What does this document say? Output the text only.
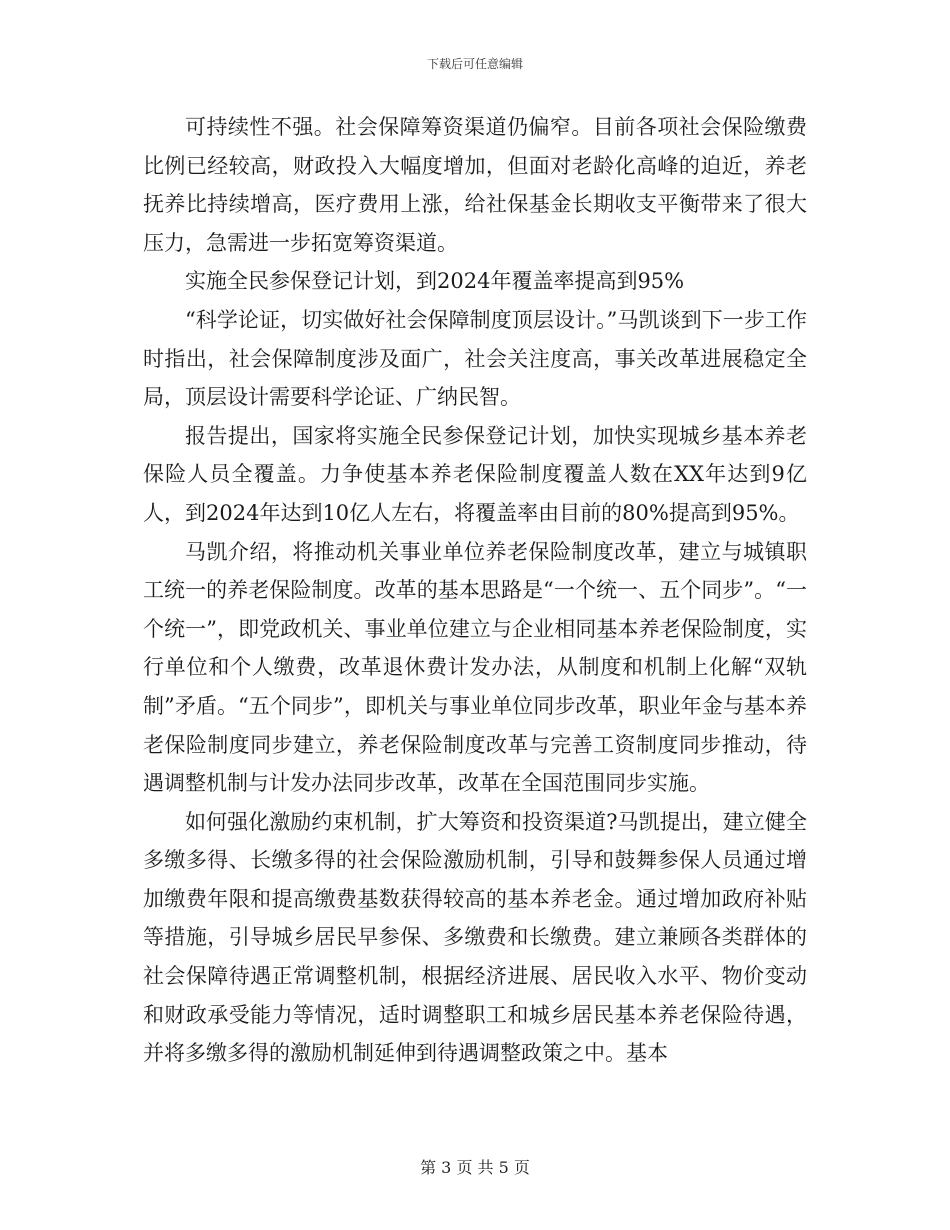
下载后可任意编辑

可持续性不强。社会保障筹资渠道仍偏窄。目前各项社会保险缴费比例已经较高，财政投入大幅度增加，但面对老龄化高峰的迫近，养老抚养比持续增高，医疗费用上涨，给社保基金长期收支平衡带来了很大压力，急需进一步拓宽筹资渠道。

实施全民参保登记计划，到2024年覆盖率提高到95%

“科学论证，切实做好社会保障制度顶层设计。”马凯谈到下一步工作时指出，社会保障制度涉及面广，社会关注度高，事关改革进展稳定全局，顶层设计需要科学论证、广纳民智。

报告提出，国家将实施全民参保登记计划，加快实现城乡基本养老保险人员全覆盖。力争使基本养老保险制度覆盖人数在XX年达到9亿人，到2024年达到10亿人左右，将覆盖率由目前的80%提高到95%。

马凯介绍，将推动机关事业单位养老保险制度改革，建立与城镇职工统一的养老保险制度。改革的基本思路是“一个统一、五个同步”。“一个统一”，即党政机关、事业单位建立与企业相同基本养老保险制度，实行单位和个人缴费，改革退休费计发办法，从制度和机制上化解“双轨制”矛盾。“五个同步”，即机关与事业单位同步改革，职业年金与基本养老保险制度同步建立，养老保险制度改革与完善工资制度同步推动，待遇调整机制与计发办法同步改革，改革在全国范围同步实施。

如何强化激励约束机制，扩大筹资和投资渠道?马凯提出，建立健全多缴多得、长缴多得的社会保险激励机制，引导和鼓舞参保人员通过增加缴费年限和提高缴费基数获得较高的基本养老金。通过增加政府补贴等措施，引导城乡居民早参保、多缴费和长缴费。建立兼顾各类群体的社会保障待遇正常调整机制，根据经济进展、居民收入水平、物价变动和财政承受能力等情况，适时调整职工和城乡居民基本养老保险待遇，并将多缴多得的激励机制延伸到待遇调整政策之中。基本

第 3 页 共 5 页
